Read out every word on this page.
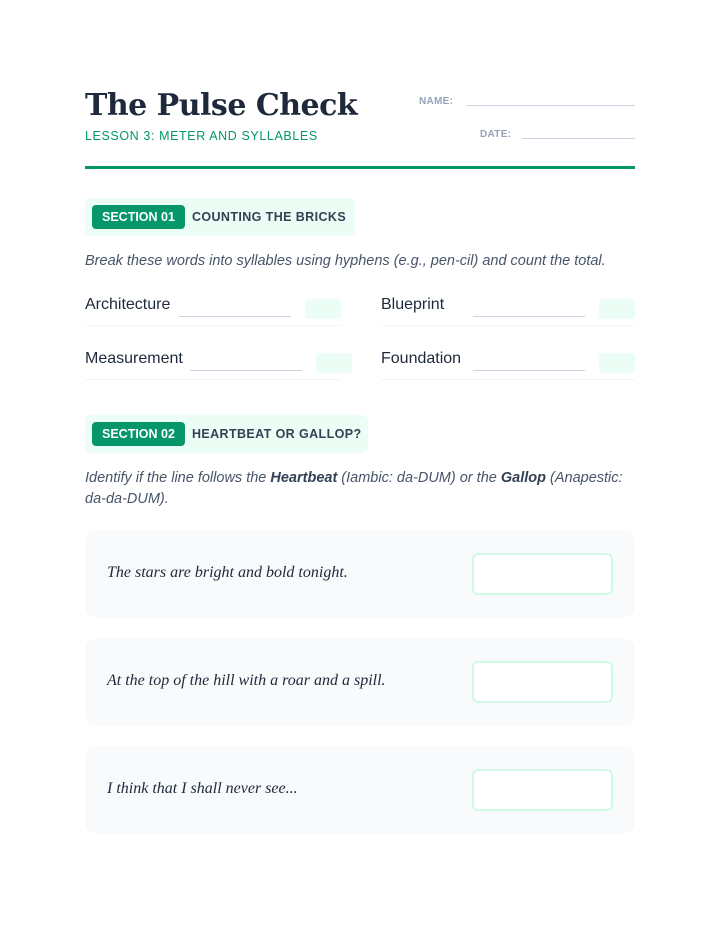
The Pulse Check
LESSON 3: METER AND SYLLABLES
NAME:
DATE:
SECTION 01	COUNTING THE BRICKS
Break these words into syllables using hyphens (e.g., pen-cil) and count the total.
Architecture	Blueprint
Measurement	Foundation
SECTION 02	HEARTBEAT OR GALLOP?
Identify if the line follows the Heartbeat (Iambic: da-DUM) or the Gallop (Anapestic: da-da-DUM).
The stars are bright and bold tonight.
At the top of the hill with a roar and a spill.
I think that I shall never see...
